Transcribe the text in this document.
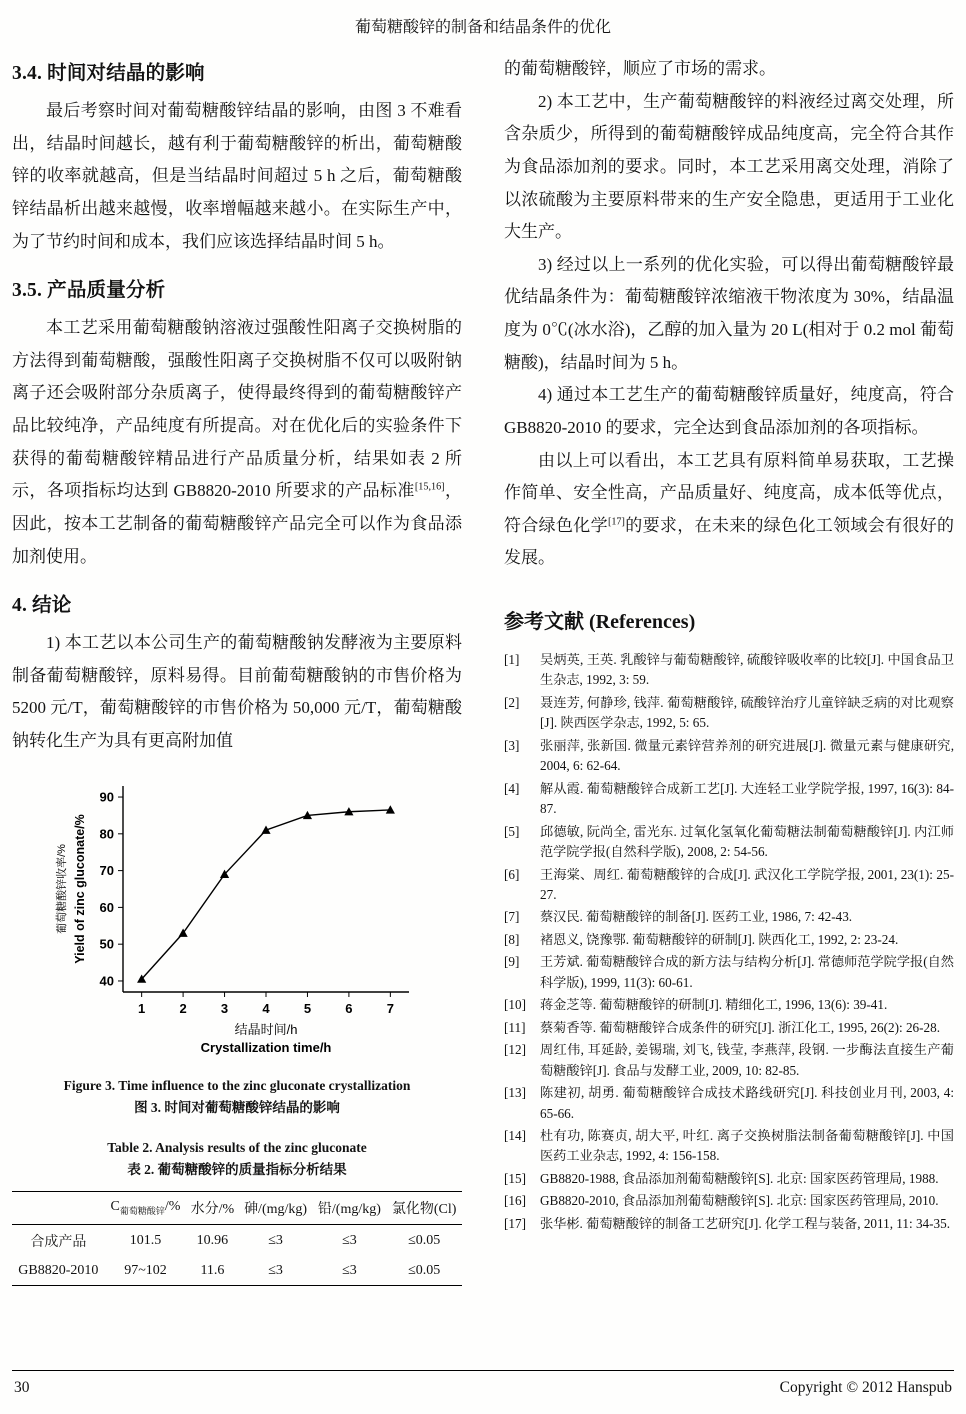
葡萄糖酸锌的制备和结晶条件的优化
3.4. 时间对结晶的影响

最后考察时间对葡萄糖酸锌结晶的影响，由图 3 不难看出，结晶时间越长，越有利于葡萄糖酸锌的析出，葡萄糖酸锌的收率就越高，但是当结晶时间超过 5 h 之后，葡萄糖酸锌结晶析出越来越慢，收率增幅越来越小。在实际生产中，为了节约时间和成本，我们应该选择结晶时间 5 h。

3.5. 产品质量分析

本工艺采用葡萄糖酸钠溶液过强酸性阳离子交换树脂的方法得到葡萄糖酸，强酸性阳离子交换树脂不仅可以吸附钠离子还会吸附部分杂质离子，使得最终得到的葡萄糖酸锌产品比较纯净，产品纯度有所提高。对在优化后的实验条件下获得的葡萄糖酸锌精品进行产品质量分析，结果如表 2 所示，各项指标均达到 GB8820-2010 所要求的产品标准[15,16]，因此，按本工艺制备的葡萄糖酸锌产品完全可以作为食品添加剂使用。

4. 结论

1) 本工艺以本公司生产的葡萄糖酸钠发酵液为主要原料制备葡萄糖酸锌，原料易得。目前葡萄糖酸钠的市售价格为 5200 元/T，葡萄糖酸锌的市售价格为 50,000 元/T，葡萄糖酸钠转化生产为具有更高附加值

40
50
60
70
80
90
1	2	3	4	5	6	7
结晶时间/h
Crystallization time/h
葡萄糖酸锌收率/% Yield of zinc gluconate/%
Figure 3. Time influence to the zinc gluconate crystallization
图 3. 时间对葡萄糖酸锌结晶的影响
Table 2. Analysis results of the zinc gluconate
表 2. 葡萄糖酸锌的质量指标分析结果
	$C_{葡萄糖酸锌}/\%$	水分/%	砷/(mg/kg)	铅/(mg/kg)	氯化物(Cl)
合成产品	101.5	10.96	≤3	≤3	≤0.05
GB8820-2010	97~102	11.6	≤3	≤3	≤0.05

的葡萄糖酸锌，顺应了市场的需求。

2) 本工艺中，生产葡萄糖酸锌的料液经过离交处理，所含杂质少，所得到的葡萄糖酸锌成品纯度高，完全符合其作为食品添加剂的要求。同时，本工艺采用离交处理，消除了以浓硫酸为主要原料带来的生产安全隐患，更适用于工业化大生产。

3) 经过以上一系列的优化实验，可以得出葡萄糖酸锌最优结晶条件为：葡萄糖酸锌浓缩液干物浓度为 30%，结晶温度为 0℃(冰水浴)，乙醇的加入量为 20 L(相对于 0.2 mol 葡萄糖酸)，结晶时间为 5 h。

4) 通过本工艺生产的葡萄糖酸锌质量好，纯度高，符合 GB8820-2010 的要求，完全达到食品添加剂的各项指标。

由以上可以看出，本工艺具有原料简单易获取，工艺操作简单、安全性高，产品质量好、纯度高，成本低等优点，符合绿色化学[17]的要求，在未来的绿色化工领域会有很好的发展。

参考文献 (References)
[1]	吴炳英, 王英. 乳酸锌与葡萄糖酸锌, 硫酸锌吸收率的比较[J]. 中国食品卫生杂志, 1992, 3: 59.
[2]	聂连芳, 何静珍, 钱萍. 葡萄糖酸锌, 硫酸锌治疗儿童锌缺乏病的对比观察[J]. 陕西医学杂志, 1992, 5: 65.
[3]	张丽萍, 张新国. 微量元素锌营养剂的研究进展[J]. 微量元素与健康研究, 2004, 6: 62-64.
[4]	解从霞. 葡萄糖酸锌合成新工艺[J]. 大连轻工业学院学报, 1997, 16(3): 84-87.
[5]	邱德敏, 阮尚全, 雷光东. 过氧化氢氧化葡萄糖法制葡萄糖酸锌[J]. 内江师范学院学报(自然科学版), 2008, 2: 54-56.
[6]	王海棠、周红. 葡萄糖酸锌的合成[J]. 武汉化工学院学报, 2001, 23(1): 25-27.
[7]	蔡汉民. 葡萄糖酸锌的制备[J]. 医药工业, 1986, 7: 42-43.
[8]	褚恩义, 饶豫鄂. 葡萄糖酸锌的研制[J]. 陕西化工, 1992, 2: 23-24.
[9]	王芳斌. 葡萄糖酸锌合成的新方法与结构分析[J]. 常德师范学院学报(自然科学版), 1999, 11(3): 60-61.
[10]	蒋金芝等. 葡萄糖酸锌的研制[J]. 精细化工, 1996, 13(6): 39-41.
[11]	蔡菊香等. 葡萄糖酸锌合成条件的研究[J]. 浙江化工, 1995, 26(2): 26-28.
[12]	周红伟, 耳延龄, 姜锡瑞, 刘飞, 钱莹, 李燕萍, 段钢. 一步酶法直接生产葡萄糖酸锌[J]. 食品与发酵工业, 2009, 10: 82-85.
[13]	陈建初, 胡勇. 葡萄糖酸锌合成技术路线研究[J]. 科技创业月刊, 2003, 4: 65-66.
[14]	杜有功, 陈赛贞, 胡大平, 叶红. 离子交换树脂法制备葡萄糖酸锌[J]. 中国医药工业杂志, 1992, 4: 156-158.
[15]	GB8820-1988, 食品添加剂葡萄糖酸锌[S]. 北京: 国家医药管理局, 1988.
[16]	GB8820-2010, 食品添加剂葡萄糖酸锌[S]. 北京: 国家医药管理局, 2010.
[17]	张华彬. 葡萄糖酸锌的制备工艺研究[J]. 化学工程与装备, 2011, 11: 34-35.
30	Copyright © 2012 Hanspub
